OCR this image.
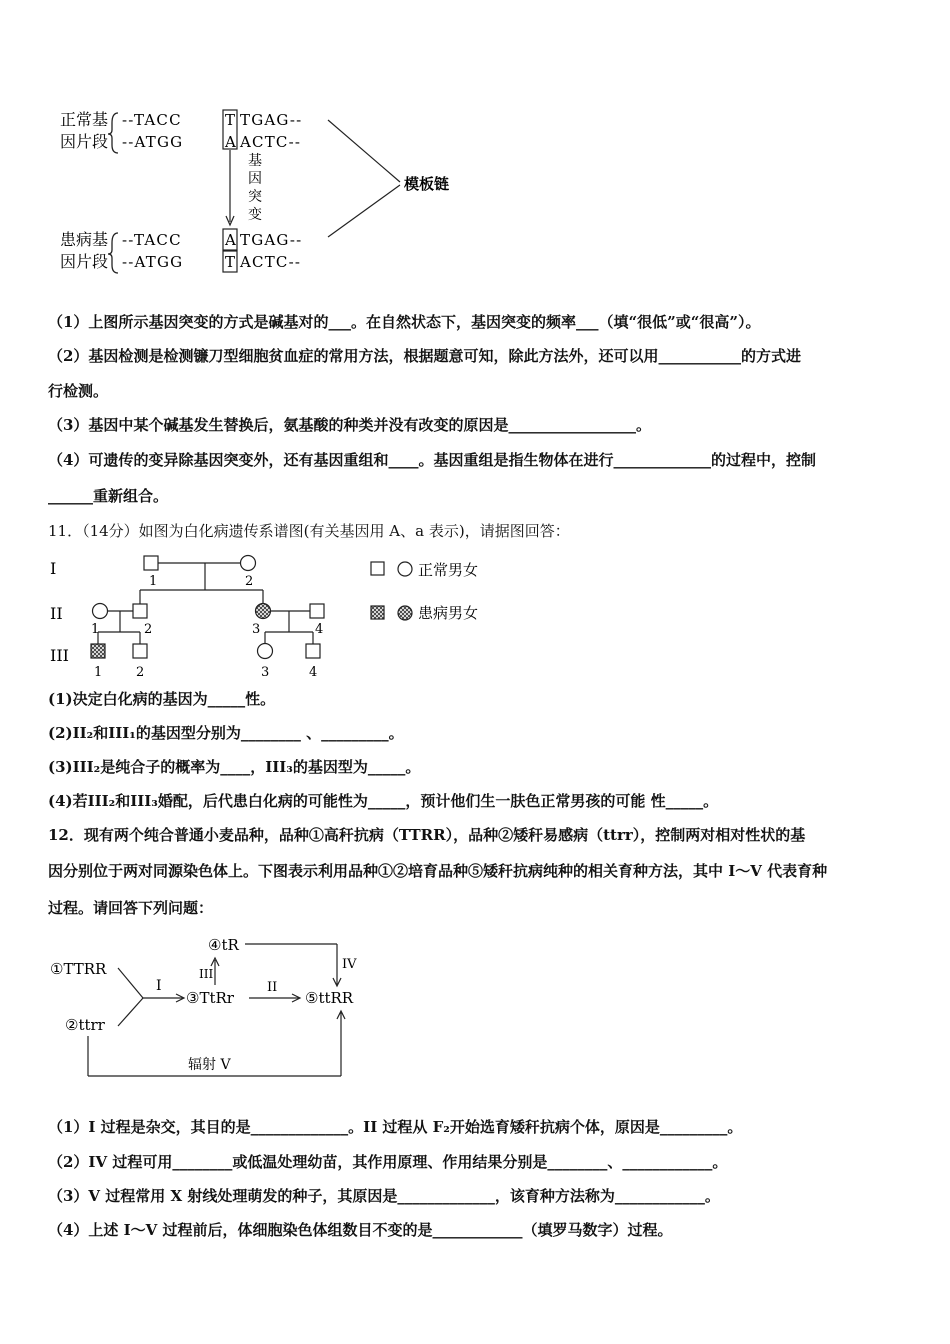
正常基
因片段
--TACC	T TGAG--
--ATGG	A ACTC--
基
因
突
变
模板链
患病基
因片段
--TACC	A TGAG--
--ATGG	T ACTC--
（1）上图所示基因突变的方式是碱基对的___。在自然状态下，基因突变的频率___（填“很低”或“很高”）。
（2）基因检测是检测镰刀型细胞贫血症的常用方法，根据题意可知，除此方法外，还可以用___________的方式进
行检测。
（3）基因中某个碱基发生替换后，氨基酸的种类并没有改变的原因是_________________。
（4）可遗传的变异除基因突变外，还有基因重组和____。基因重组是指生物体在进行_____________的过程中，控制
______重新组合。
11．（14分）如图为白化病遗传系谱图(有关基因用 A、a 表示)，请据图回答：
I
II
III
1	2
1	2	3	4
1	2	3	4
正常男女
患病男女
(1)决定白化病的基因为_____性。
(2)II₂和III₁的基因型分别为________ 、_________。
(3)III₂是纯合子的概率为____，III₃的基因型为_____。
(4)若III₂和III₃婚配，后代患白化病的可能性为_____，预计他们生一肤色正常男孩的可能 性_____。
12．现有两个纯合普通小麦品种，品种①高秆抗病（TTRR），品种②矮秆易感病（ttrr），控制两对相对性状的基
因分别位于两对同源染色体上。下图表示利用品种①②培育品种⑤矮秆抗病纯种的相关育种方法，其中 I～V 代表育种
过程。请回答下列问题：
①TTRR
②ttrr
I
③TtRr
III
④tR
IV
II
⑤ttRR
辐射 V
（1）I 过程是杂交，其目的是_____________。II 过程从 F₂开始选育矮秆抗病个体，原因是_________。
（2）IV 过程可用________或低温处理幼苗，其作用原理、作用结果分别是________、____________。
（3）V 过程常用 X 射线处理萌发的种子，其原因是_____________，该育种方法称为____________。
（4）上述 I～V 过程前后，体细胞染色体组数目不变的是____________（填罗马数字）过程。
